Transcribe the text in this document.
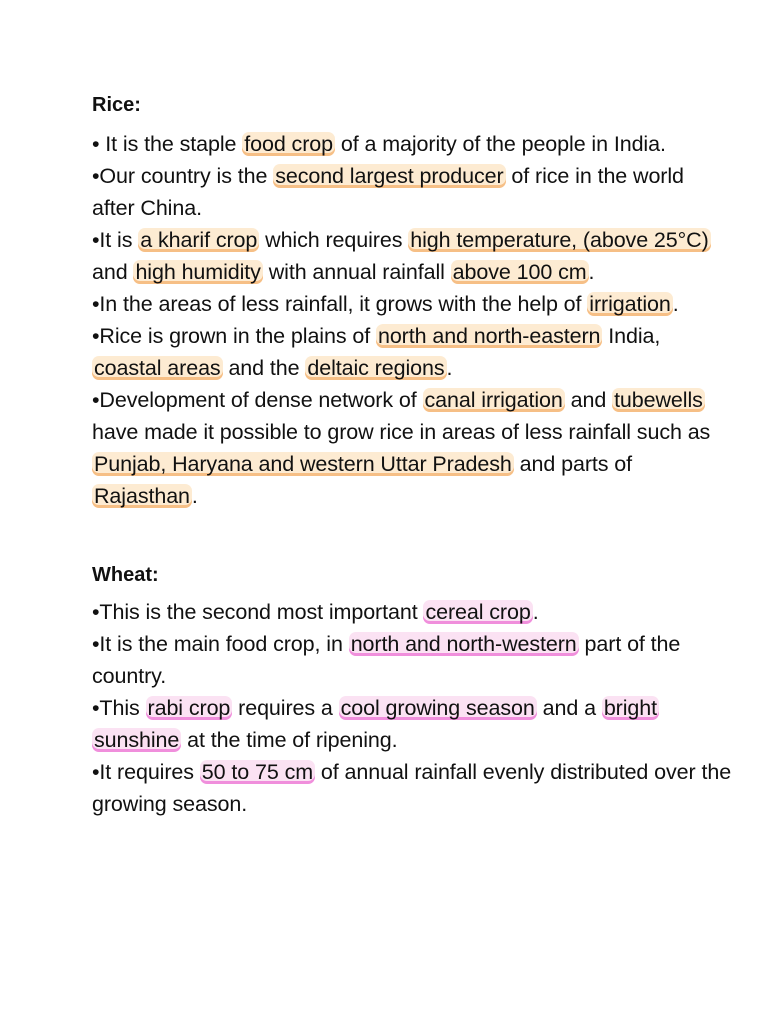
Rice:

• It is the staple food crop of a majority of the people in India.

•Our country is the second largest producer of rice in the world after China.

•It is a kharif crop which requires high temperature, (above 25°C) and high humidity with annual rainfall above 100 cm.

•In the areas of less rainfall, it grows with the help of irrigation.

•Rice is grown in the plains of north and north-eastern India, coastal areas and the deltaic regions.

•Development of dense network of canal irrigation and tubewells have made it possible to grow rice in areas of less rainfall such as Punjab, Haryana and western Uttar Pradesh and parts of Rajasthan.

Wheat:

•This is the second most important cereal crop.

•It is the main food crop, in north and north-western part of the country.

•This rabi crop requires a cool growing season and a bright sunshine at the time of ripening.

•It requires 50 to 75 cm of annual rainfall evenly distributed over the growing season.
